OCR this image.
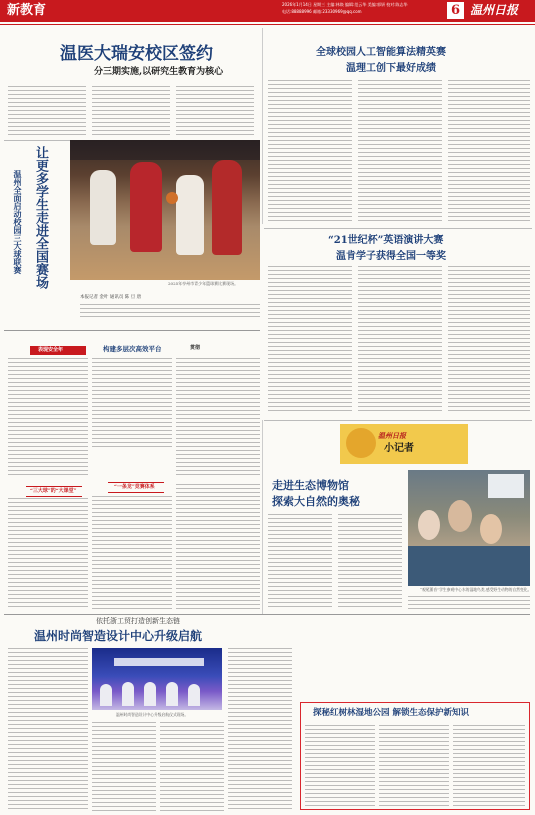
新教育	2026年1月14日 星期三 主编:林焕 编辑:范云华 美编:郭妍 校对:陈志华
电话:88888996 邮箱:23330969@qq.com	6 温州日报
温医大瑞安校区签约
分三期实施,以研究生教育为核心
全球校园人工智能算法精英赛
温理工创下最好成绩
让更多学生走进全国赛场
温州全面启动校园三大球联赛
2025年亭州市青少年篮球赛比赛现场。
本报记者 金叶 通讯员 陈 旦 唐
“21世纪杯”英语演讲大赛
温肯学子获得全国一等奖
表现安全年	构建多层次高效平台	贯彻
“三大球”的“大课堂”
“一条龙”竞赛体系
温州日报
小记者
走进生态博物馆
探索大自然的奥秘
“观尾薰音”学生参观中心水的湿地鸟类,感受野生动物的自然变化。
依托浙工贸打造创新生态链
温州时尚智造设计中心升级启航
温州时尚智造设计中心升级启航仪式现场。	探秘红树林湿地公园 解锁生态保护新知识
